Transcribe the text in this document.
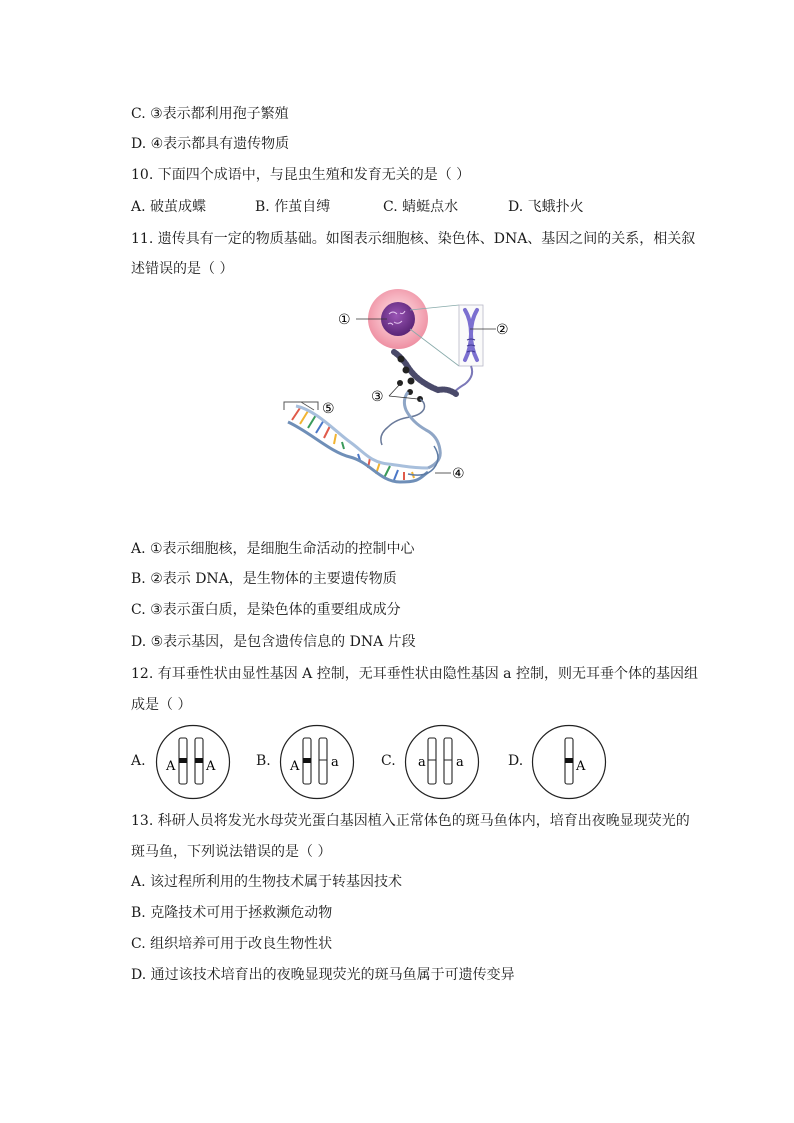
C. ③表示都利用孢子繁殖
D. ④表示都具有遗传物质
10. 下面四个成语中，与昆虫生殖和发育无关的是（ ）
A. 破茧成蝶	B. 作茧自缚	C. 蜻蜓点水	D. 飞蛾扑火
11. 遗传具有一定的物质基础。如图表示细胞核、染色体、DNA、基因之间的关系，相关叙
述错误的是（ ）
①
②
③
④
⑤
A. ①表示细胞核，是细胞生命活动的控制中心
B. ②表示 DNA，是生物体的主要遗传物质
C. ③表示蛋白质，是染色体的重要组成成分
D. ⑤表示基因，是包含遗传信息的 DNA 片段
12. 有耳垂性状由显性基因 A 控制，无耳垂性状由隐性基因 a 控制，则无耳垂个体的基因组
成是（ ）
A.	B.	C.	D.
A A	A a	a a	A
13. 科研人员将发光水母荧光蛋白基因植入正常体色的斑马鱼体内，培育出夜晚显现荧光的
斑马鱼，下列说法错误的是（ ）
A. 该过程所利用的生物技术属于转基因技术
B. 克隆技术可用于拯救濒危动物
C. 组织培养可用于改良生物性状
D. 通过该技术培育出的夜晚显现荧光的斑马鱼属于可遗传变异
